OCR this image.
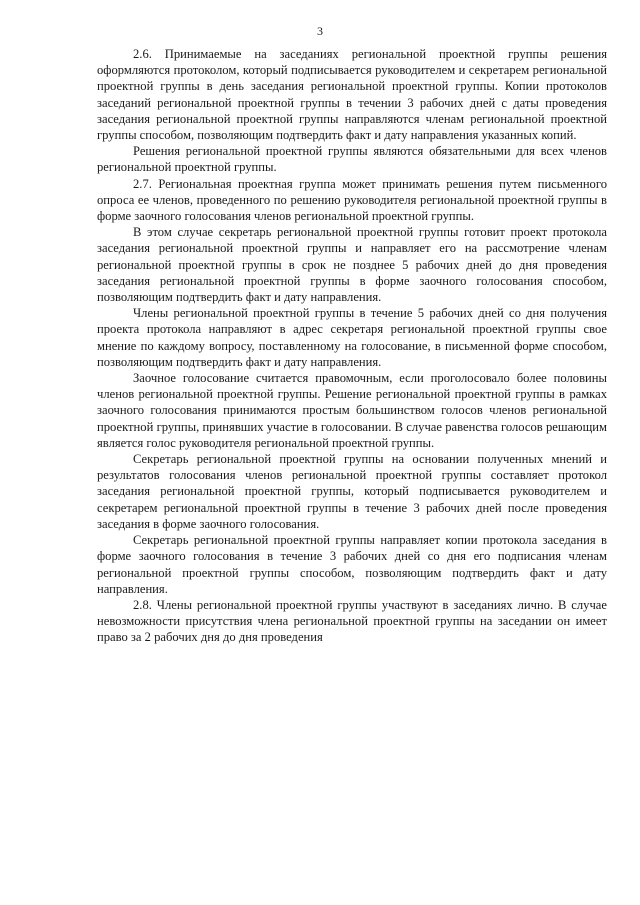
3

2.6. Принимаемые на заседаниях региональной проектной группы решения оформляются протоколом, который подписывается руководителем и секретарем региональной проектной группы в день заседания региональной проектной группы. Копии протоколов заседаний региональной проектной группы в течении 3 рабочих дней с даты проведения заседания региональной проектной группы направляются членам региональной проектной группы способом, позволяющим подтвердить факт и дату направления указанных копий.

Решения региональной проектной группы являются обязательными для всех членов региональной проектной группы.

2.7. Региональная проектная группа может принимать решения путем письменного опроса ее членов, проведенного по решению руководителя региональной проектной группы в форме заочного голосования членов региональной проектной группы.

В этом случае секретарь региональной проектной группы готовит проект протокола заседания региональной проектной группы и направляет его на рассмотрение членам региональной проектной группы в срок не позднее 5 рабочих дней до дня проведения заседания региональной проектной группы в форме заочного голосования способом, позволяющим подтвердить факт и дату направления.

Члены региональной проектной группы в течение 5 рабочих дней со дня получения проекта протокола направляют в адрес секретаря региональной проектной группы свое мнение по каждому вопросу, поставленному на голосование, в письменной форме способом, позволяющим подтвердить факт и дату направления.

Заочное голосование считается правомочным, если проголосовало более половины членов региональной проектной группы. Решение региональной проектной группы в рамках заочного голосования принимаются простым большинством голосов членов региональной проектной группы, принявших участие в голосовании. В случае равенства голосов решающим является голос руководителя региональной проектной группы.

Секретарь региональной проектной группы на основании полученных мнений и результатов голосования членов региональной проектной группы составляет протокол заседания региональной проектной группы, который подписывается руководителем и секретарем региональной проектной группы в течение 3 рабочих дней после проведения заседания в форме заочного голосования.

Секретарь региональной проектной группы направляет копии протокола заседания в форме заочного голосования в течение 3 рабочих дней со дня его подписания членам региональной проектной группы способом, позволяющим подтвердить факт и дату направления.

2.8. Члены региональной проектной группы участвуют в заседаниях лично. В случае невозможности присутствия члена региональной проектной группы на заседании он имеет право за 2 рабочих дня до дня проведения
